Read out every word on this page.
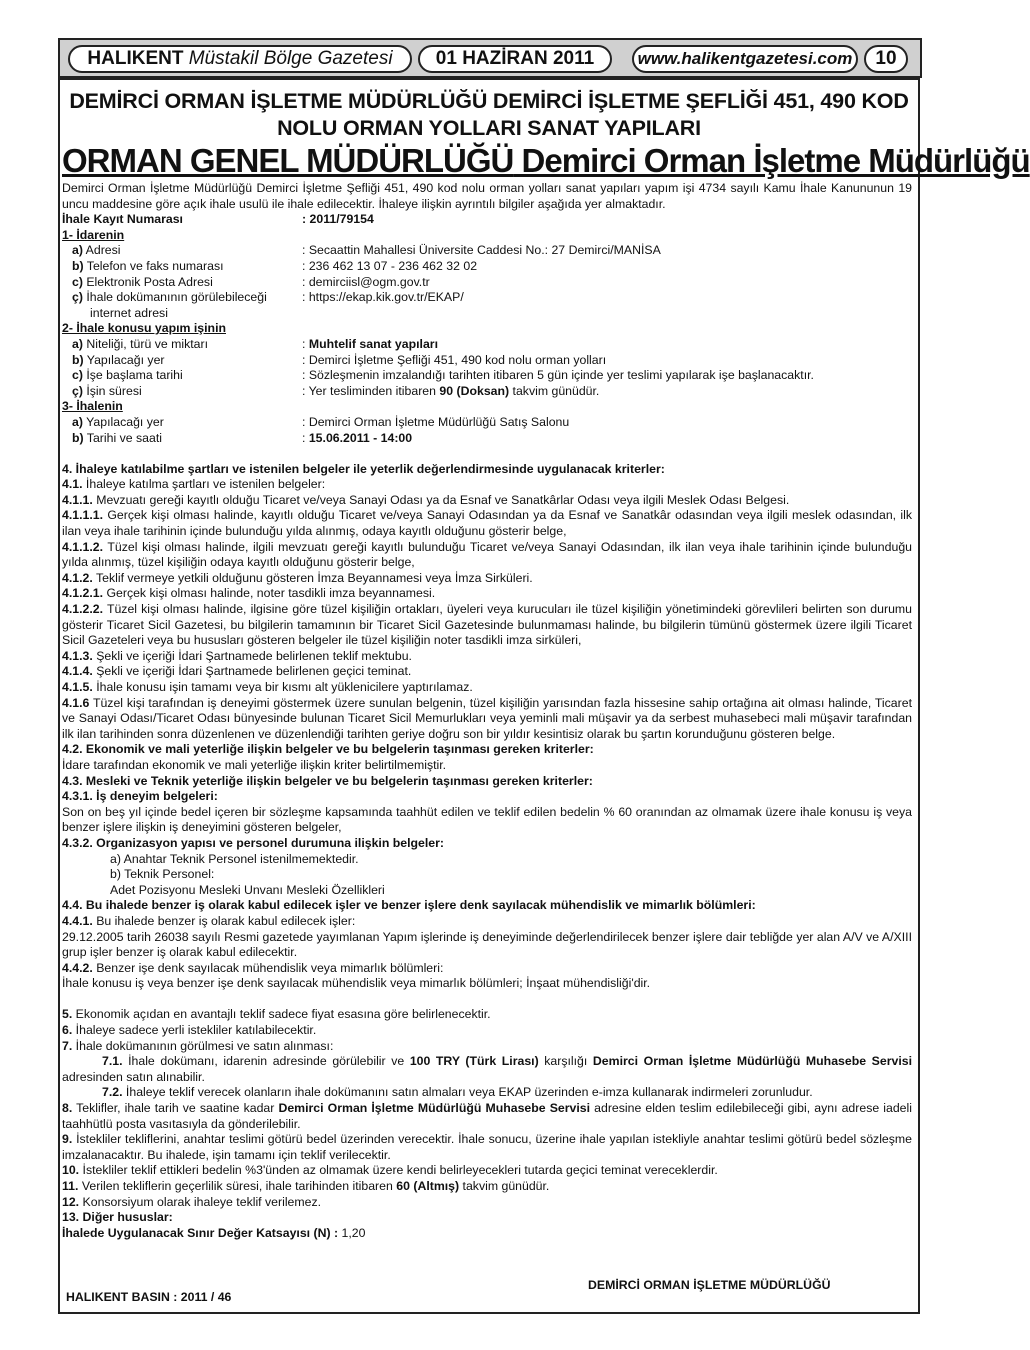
HALIKENT Müstakil Bölge Gazetesi	01 HAZİRAN 2011	www.halikentgazetesi.com	10
DEMİRCİ ORMAN İŞLETME MÜDÜRLÜĞÜ DEMİRCİ İŞLETME ŞEFLİĞİ 451, 490 KOD
NOLU ORMAN YOLLARI SANAT YAPILARI
ORMAN GENEL MÜDÜRLÜĞÜ Demirci Orman İşletme Müdürlüğü

Demirci Orman İşletme Müdürlüğü Demirci İşletme Şefliği 451, 490 kod nolu orman yolları sanat yapıları yapım işi 4734 sayılı Kamu İhale Kanununun 19 uncu maddesine göre açık ihale usulü ile ihale edilecektir. İhaleye ilişkin ayrıntılı bilgiler aşağıda yer almaktadır.

İhale Kayıt Numarası	: 2011/79154
1- İdarenin
a) Adresi	: Secaattin Mahallesi Üniversite Caddesi No.: 27 Demirci/MANİSA
b) Telefon ve faks numarası	: 236 462 13 07 - 236 462 32 02
c) Elektronik Posta Adresi	: demirciisl@ogm.gov.tr
ç) İhale dokümanının görülebileceği	: https://ekap.kik.gov.tr/EKAP/
internet adresi
2- İhale konusu yapım işinin
a) Niteliği, türü ve miktarı	: Muhtelif sanat yapıları
b) Yapılacağı yer	: Demirci İşletme Şefliği 451, 490 kod nolu orman yolları
c) İşe başlama tarihi	: Sözleşmenin imzalandığı tarihten itibaren 5 gün içinde yer teslimi yapılarak işe başlanacaktır.
ç) İşin süresi	: Yer tesliminden itibaren 90 (Doksan) takvim günüdür.
3- İhalenin
a) Yapılacağı yer	: Demirci Orman İşletme Müdürlüğü Satış Salonu
b) Tarihi ve saati	: 15.06.2011 - 14:00

4. İhaleye katılabilme şartları ve istenilen belgeler ile yeterlik değerlendirmesinde uygulanacak kriterler:

4.1. İhaleye katılma şartları ve istenilen belgeler:

4.1.1. Mevzuatı gereği kayıtlı olduğu Ticaret ve/veya Sanayi Odası ya da Esnaf ve Sanatkârlar Odası veya ilgili Meslek Odası Belgesi.

4.1.1.1. Gerçek kişi olması halinde, kayıtlı olduğu Ticaret ve/veya Sanayi Odasından ya da Esnaf ve Sanatkâr odasından veya ilgili meslek odasından, ilk ilan veya ihale tarihinin içinde bulunduğu yılda alınmış, odaya kayıtlı olduğunu gösterir belge,

4.1.1.2. Tüzel kişi olması halinde, ilgili mevzuatı gereği kayıtlı bulunduğu Ticaret ve/veya Sanayi Odasından, ilk ilan veya ihale tarihinin içinde bulunduğu yılda alınmış, tüzel kişiliğin odaya kayıtlı olduğunu gösterir belge,

4.1.2. Teklif vermeye yetkili olduğunu gösteren İmza Beyannamesi veya İmza Sirküleri.

4.1.2.1. Gerçek kişi olması halinde, noter tasdikli imza beyannamesi.

4.1.2.2. Tüzel kişi olması halinde, ilgisine göre tüzel kişiliğin ortakları, üyeleri veya kurucuları ile tüzel kişiliğin yönetimindeki görevlileri belirten son durumu gösterir Ticaret Sicil Gazetesi, bu bilgilerin tamamının bir Ticaret Sicil Gazetesinde bulunmaması halinde, bu bilgilerin tümünü göstermek üzere ilgili Ticaret Sicil Gazeteleri veya bu hususları gösteren belgeler ile tüzel kişiliğin noter tasdikli imza sirküleri,

4.1.3. Şekli ve içeriği İdari Şartnamede belirlenen teklif mektubu.

4.1.4. Şekli ve içeriği İdari Şartnamede belirlenen geçici teminat.

4.1.5. İhale konusu işin tamamı veya bir kısmı alt yüklenicilere yaptırılamaz.

4.1.6 Tüzel kişi tarafından iş deneyimi göstermek üzere sunulan belgenin, tüzel kişiliğin yarısından fazla hissesine sahip ortağına ait olması halinde, Ticaret ve Sanayi Odası/Ticaret Odası bünyesinde bulunan Ticaret Sicil Memurlukları veya yeminli mali müşavir ya da serbest muhasebeci mali müşavir tarafından ilk ilan tarihinden sonra düzenlenen ve düzenlendiği tarihten geriye doğru son bir yıldır kesintisiz olarak bu şartın korunduğunu gösteren belge.

4.2. Ekonomik ve mali yeterliğe ilişkin belgeler ve bu belgelerin taşınması gereken kriterler:

İdare tarafından ekonomik ve mali yeterliğe ilişkin kriter belirtilmemiştir.

4.3. Mesleki ve Teknik yeterliğe ilişkin belgeler ve bu belgelerin taşınması gereken kriterler:

4.3.1. İş deneyim belgeleri:

Son on beş yıl içinde bedel içeren bir sözleşme kapsamında taahhüt edilen ve teklif edilen bedelin % 60 oranından az olmamak üzere ihale konusu iş veya benzer işlere ilişkin iş deneyimini gösteren belgeler,

4.3.2. Organizasyon yapısı ve personel durumuna ilişkin belgeler:

a) Anahtar Teknik Personel istenilmemektedir.

b) Teknik Personel:

Adet Pozisyonu Mesleki Unvanı Mesleki Özellikleri

4.4. Bu ihalede benzer iş olarak kabul edilecek işler ve benzer işlere denk sayılacak mühendislik ve mimarlık bölümleri:

4.4.1. Bu ihalede benzer iş olarak kabul edilecek işler:

29.12.2005 tarih 26038 sayılı Resmi gazetede yayımlanan Yapım işlerinde iş deneyiminde değerlendirilecek benzer işlere dair tebliğde yer alan A/V ve A/XIII grup işler benzer iş olarak kabul edilecektir.

4.4.2. Benzer işe denk sayılacak mühendislik veya mimarlık bölümleri:

İhale konusu iş veya benzer işe denk sayılacak mühendislik veya mimarlık bölümleri; İnşaat mühendisliği'dir.

5. Ekonomik açıdan en avantajlı teklif sadece fiyat esasına göre belirlenecektir.

6. İhaleye sadece yerli istekliler katılabilecektir.

7. İhale dokümanının görülmesi ve satın alınması:

7.1. İhale dokümanı, idarenin adresinde görülebilir ve 100 TRY (Türk Lirası) karşılığı Demirci Orman İşletme Müdürlüğü Muhasebe Servisi adresinden satın alınabilir.

7.2. İhaleye teklif verecek olanların ihale dokümanını satın almaları veya EKAP üzerinden e-imza kullanarak indirmeleri zorunludur.

8. Teklifler, ihale tarih ve saatine kadar Demirci Orman İşletme Müdürlüğü Muhasebe Servisi adresine elden teslim edilebileceği gibi, aynı adrese iadeli taahhütlü posta vasıtasıyla da gönderilebilir.

9. İstekliler tekliflerini, anahtar teslimi götürü bedel üzerinden verecektir. İhale sonucu, üzerine ihale yapılan istekliyle anahtar teslimi götürü bedel sözleşme imzalanacaktır. Bu ihalede, işin tamamı için teklif verilecektir.

10. İstekliler teklif ettikleri bedelin %3'ünden az olmamak üzere kendi belirleyecekleri tutarda geçici teminat vereceklerdir.

11. Verilen tekliflerin geçerlilik süresi, ihale tarihinden itibaren 60 (Altmış) takvim günüdür.

12. Konsorsiyum olarak ihaleye teklif verilemez.

13. Diğer hususlar:

İhalede Uygulanacak Sınır Değer Katsayısı (N) : 1,20

DEMİRCİ ORMAN İŞLETME MÜDÜRLÜĞÜ
HALIKENT BASIN : 2011 / 46
